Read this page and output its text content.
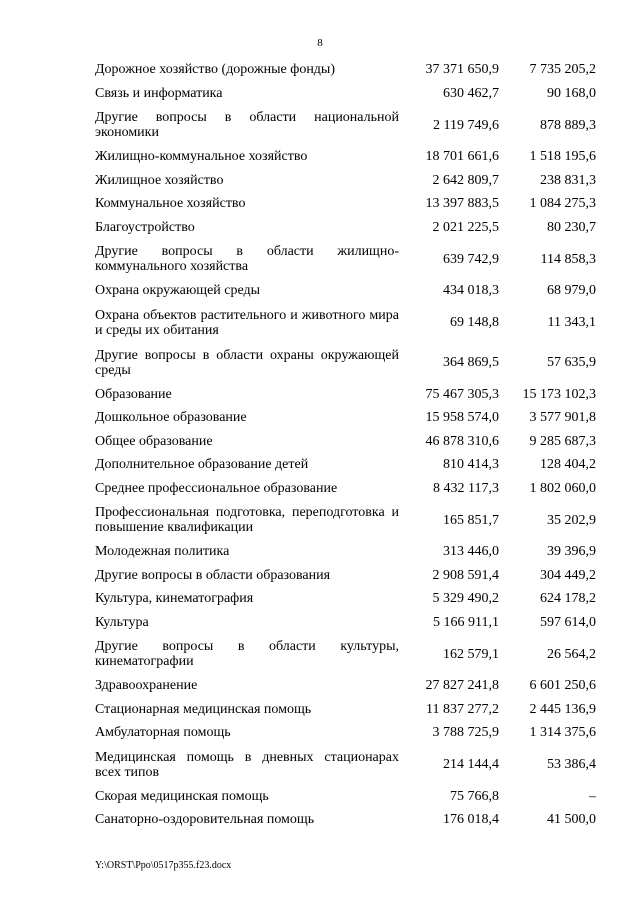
8
Дорожное хозяйство (дорожные фонды)	37 371 650,9	7 735 205,2
Связь и информатика	630 462,7	90 168,0
Другие вопросы в области национальной экономики	2 119 749,6	878 889,3
Жилищно-коммунальное хозяйство	18 701 661,6	1 518 195,6
Жилищное хозяйство	2 642 809,7	238 831,3
Коммунальное хозяйство	13 397 883,5	1 084 275,3
Благоустройство	2 021 225,5	80 230,7
Другие вопросы в области жилищно-коммунального хозяйства	639 742,9	114 858,3
Охрана окружающей среды	434 018,3	68 979,0
Охрана объектов растительного и животного мира и среды их обитания	69 148,8	11 343,1
Другие вопросы в области охраны окружающей среды	364 869,5	57 635,9
Образование	75 467 305,3	15 173 102,3
Дошкольное образование	15 958 574,0	3 577 901,8
Общее образование	46 878 310,6	9 285 687,3
Дополнительное образование детей	810 414,3	128 404,2
Среднее профессиональное образование	8 432 117,3	1 802 060,0
Профессиональная подготовка, переподготовка и повышение квалификации	165 851,7	35 202,9
Молодежная политика	313 446,0	39 396,9
Другие вопросы в области образования	2 908 591,4	304 449,2
Культура, кинематография	5 329 490,2	624 178,2
Культура	5 166 911,1	597 614,0
Другие вопросы в области культуры, кинематографии	162 579,1	26 564,2
Здравоохранение	27 827 241,8	6 601 250,6
Стационарная медицинская помощь	11 837 277,2	2 445 136,9
Амбулаторная помощь	3 788 725,9	1 314 375,6
Медицинская помощь в дневных стационарах всех типов	214 144,4	53 386,4
Скорая медицинская помощь	75 766,8	–
Санаторно-оздоровительная помощь	176 018,4	41 500,0
Y:\ORST\Ppo\0517p355.f23.docx
